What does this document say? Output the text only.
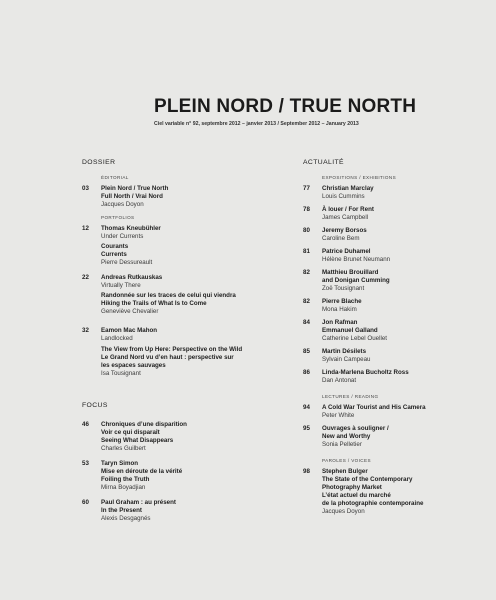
PLEIN NORD / TRUE NORTH
Ciel variable n° 92, septembre 2012 – janvier 2013 / September 2012 – January 2013
DOSSIER
ÉDITORIAL
03 Plein Nord / True North
Full North / Vrai Nord
Jacques Doyon
PORTFOLIOS
12 Thomas Kneubühler
Under Currents
Courants
Currents
Pierre Dessureault
22 Andreas Rutkauskas
Virtually There
Randonnée sur les traces de celui qui viendra
Hiking the Trails of What Is to Come
Geneviève Chevalier
32 Eamon Mac Mahon
Landlocked
The View from Up Here: Perspective on the Wild
Le Grand Nord vu d’en haut : perspective sur
les espaces sauvages
Isa Tousignant
FOCUS
46 Chroniques d’une disparition
Voir ce qui disparaît
Seeing What Disappears
Charles Guilbert
53 Taryn Simon
Mise en déroute de la vérité
Foiling the Truth
Mirna Boyadjian
60 Paul Graham : au présent
In the Present
Alexis Desgagnés
ACTUALITÉ
EXPOSITIONS / EXHIBITIONS
77 Christian Marclay
Louis Cummins
78 À louer / For Rent
James Campbell
80 Jeremy Borsos
Caroline Bem
81 Patrice Duhamel
Hélène Brunet Neumann
82 Matthieu Brouillard
and Donigan Cumming
Zoë Tousignant
82 Pierre Blache
Mona Hakim
84 Jon Rafman
Emmanuel Galland
Catherine Lebel Ouellet
85 Martin Désilets
Sylvain Campeau
86 Linda-Marlena Bucholtz Ross
Dan Antonat
LECTURES / READING
94 A Cold War Tourist and His Camera
Peter White
95 Ouvrages à souligner /
New and Worthy
Sonia Pelletier
PAROLES / VOICES
98 Stephen Bulger
The State of the Contemporary
Photography Market
L’état actuel du marché
de la photographie contemporaine
Jacques Doyon
